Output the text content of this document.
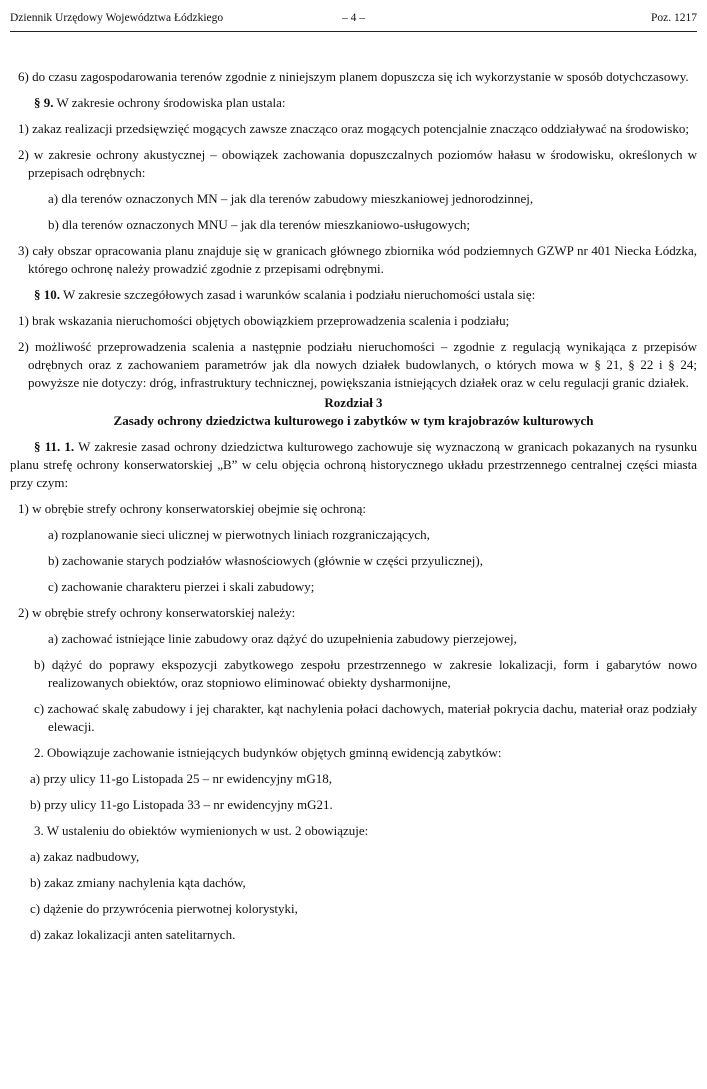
Dziennik Urzędowy Województwa Łódzkiego	– 4 –	Poz. 1217

6) do czasu zagospodarowania terenów zgodnie z niniejszym planem dopuszcza się ich wykorzystanie w sposób dotychczasowy.

§ 9. W zakresie ochrony środowiska plan ustala:

1) zakaz realizacji przedsięwzięć mogących zawsze znacząco oraz mogących potencjalnie znacząco oddziaływać na środowisko;

2) w zakresie ochrony akustycznej – obowiązek zachowania dopuszczalnych poziomów hałasu w środowisku, określonych w przepisach odrębnych:

a) dla terenów oznaczonych MN – jak dla terenów zabudowy mieszkaniowej jednorodzinnej,

b) dla terenów oznaczonych MNU – jak dla terenów mieszkaniowo-usługowych;

3) cały obszar opracowania planu znajduje się w granicach głównego zbiornika wód podziemnych GZWP nr 401 Niecka Łódzka, którego ochronę należy prowadzić zgodnie z przepisami odrębnymi.

§ 10. W zakresie szczegółowych zasad i warunków scalania i podziału nieruchomości ustala się:

1) brak wskazania nieruchomości objętych obowiązkiem przeprowadzenia scalenia i podziału;

2) możliwość przeprowadzenia scalenia a następnie podziału nieruchomości – zgodnie z regulacją wynikająca z przepisów odrębnych oraz z zachowaniem parametrów jak dla nowych działek budowlanych, o których mowa w § 21, § 22 i § 24; powyższe nie dotyczy: dróg, infrastruktury technicznej, powiększania istniejących działek oraz w celu regulacji granic działek.

Rozdział 3

Zasady ochrony dziedzictwa kulturowego i zabytków w tym krajobrazów kulturowych

§ 11. 1. W zakresie zasad ochrony dziedzictwa kulturowego zachowuje się wyznaczoną w granicach pokazanych na rysunku planu strefę ochrony konserwatorskiej „B” w celu objęcia ochroną historycznego układu przestrzennego centralnej części miasta przy czym:

1) w obrębie strefy ochrony konserwatorskiej obejmie się ochroną:

a) rozplanowanie sieci ulicznej w pierwotnych liniach rozgraniczających,

b) zachowanie starych podziałów własnościowych (głównie w części przyulicznej),

c) zachowanie charakteru pierzei i skali zabudowy;

2) w obrębie strefy ochrony konserwatorskiej należy:

a) zachować istniejące linie zabudowy oraz dążyć do uzupełnienia zabudowy pierzejowej,

b) dążyć do poprawy ekspozycji zabytkowego zespołu przestrzennego w zakresie lokalizacji, form i gabarytów nowo realizowanych obiektów, oraz stopniowo eliminować obiekty dysharmonijne,

c) zachować skalę zabudowy i jej charakter, kąt nachylenia połaci dachowych, materiał pokrycia dachu, materiał oraz podziały elewacji.

2. Obowiązuje zachowanie istniejących budynków objętych gminną ewidencją zabytków:

a) przy ulicy 11-go Listopada 25 – nr ewidencyjny mG18,

b) przy ulicy 11-go Listopada 33 – nr ewidencyjny mG21.

3. W ustaleniu do obiektów wymienionych w ust. 2 obowiązuje:

a) zakaz nadbudowy,

b) zakaz zmiany nachylenia kąta dachów,

c) dążenie do przywrócenia pierwotnej kolorystyki,

d) zakaz lokalizacji anten satelitarnych.
